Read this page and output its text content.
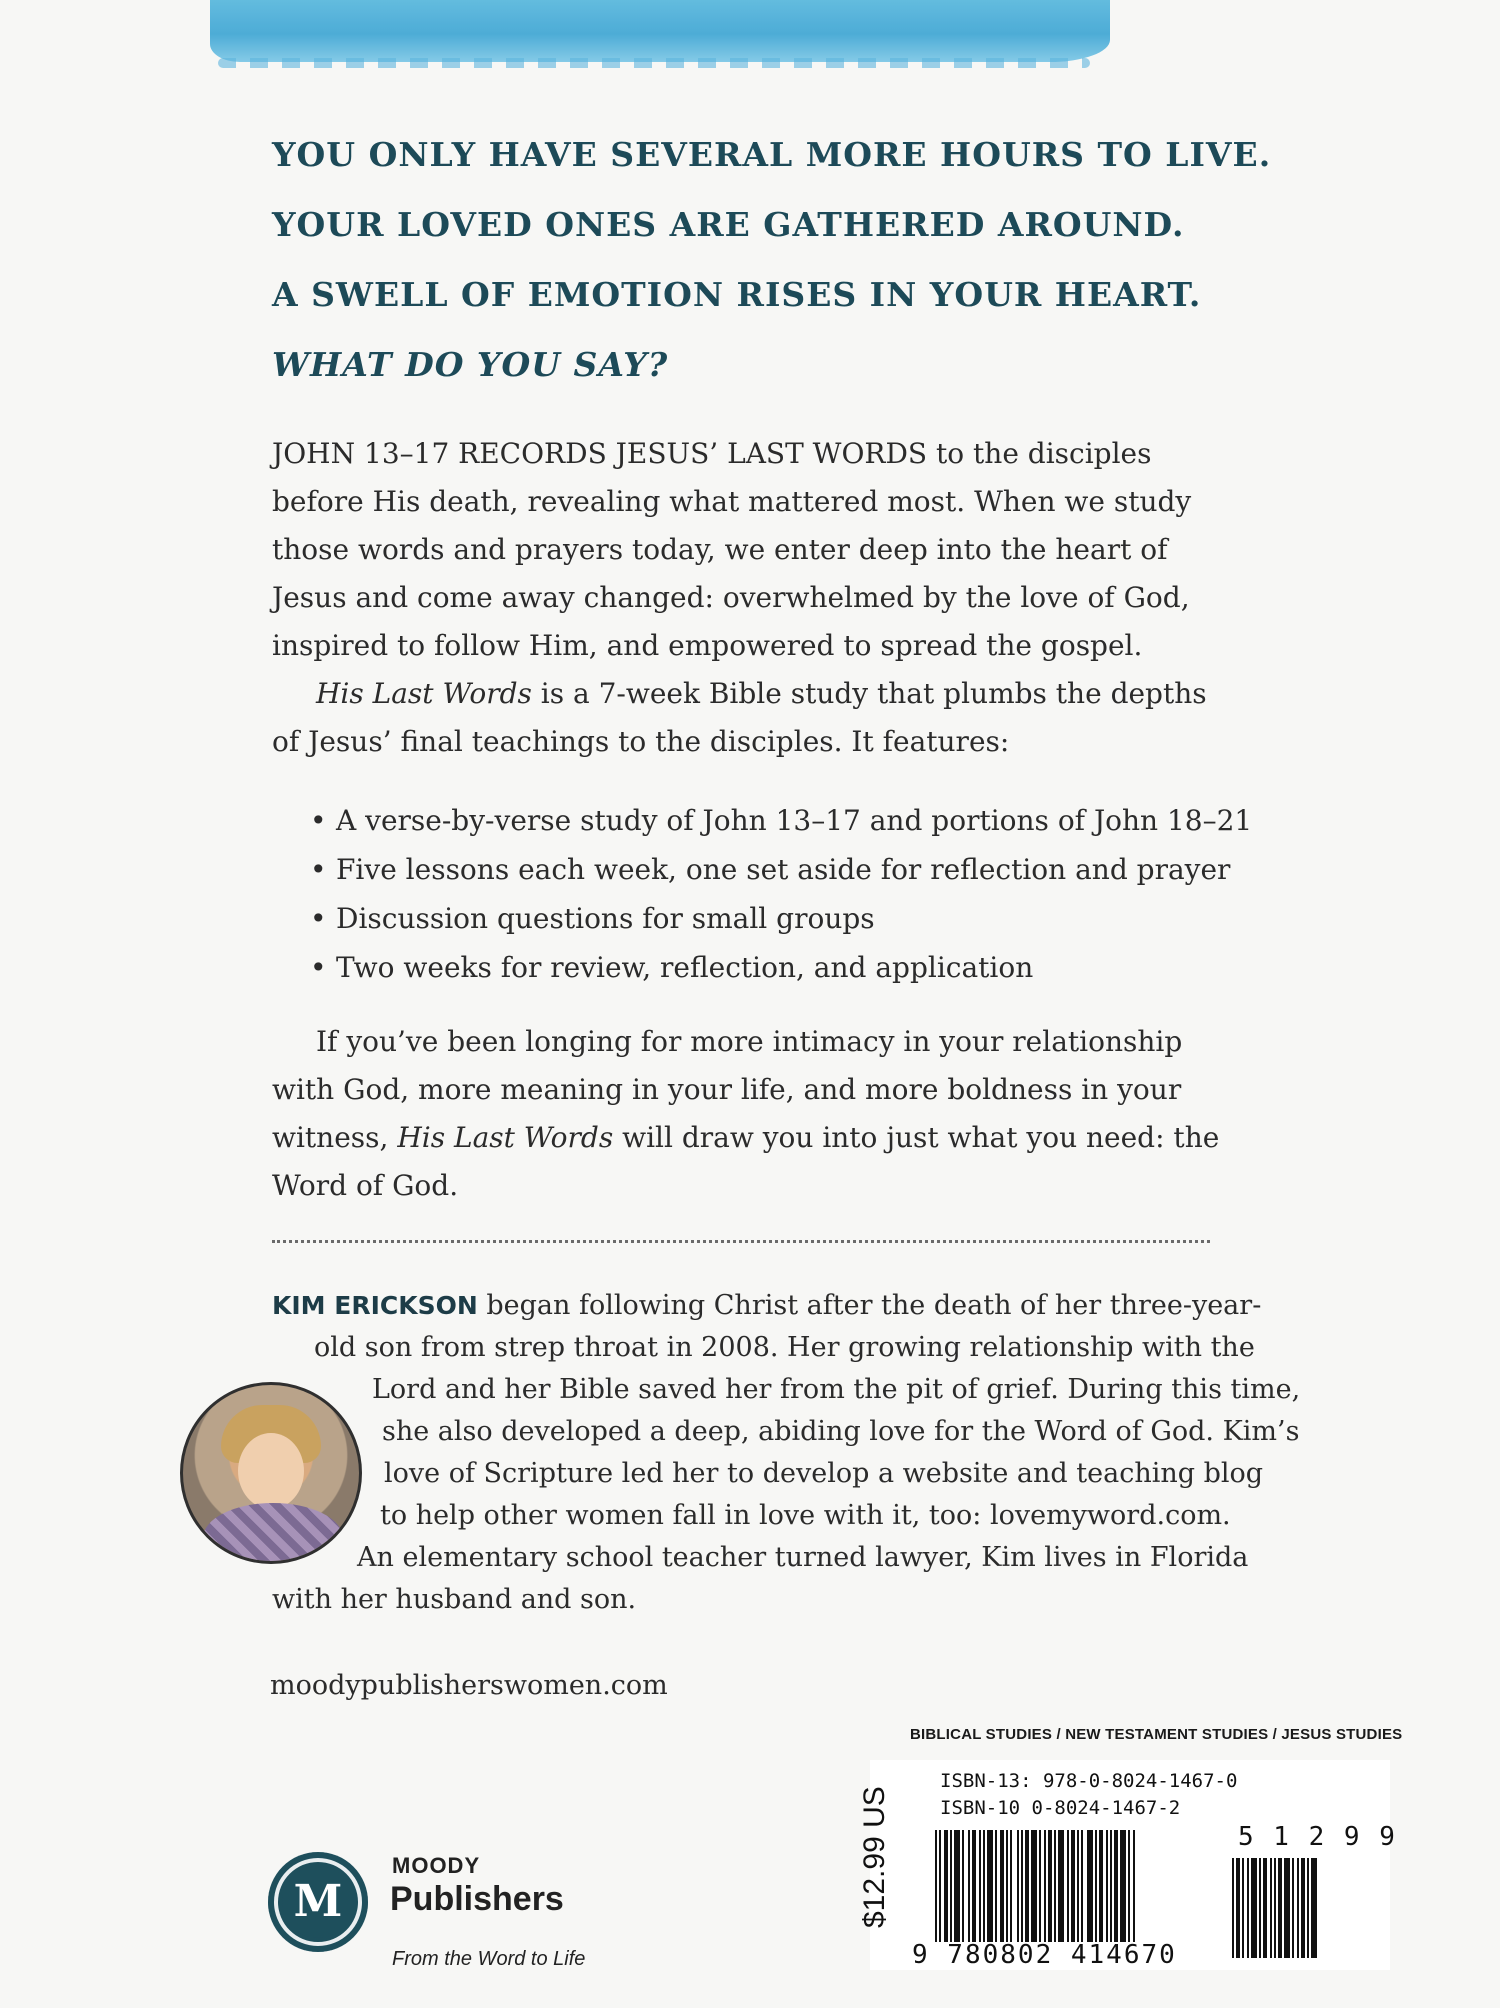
YOU ONLY HAVE SEVERAL MORE HOURS TO LIVE.
YOUR LOVED ONES ARE GATHERED AROUND.
A SWELL OF EMOTION RISES IN YOUR HEART.
WHAT DO YOU SAY?

JOHN 13–17 RECORDS JESUS’ LAST WORDS to the disciples before His death, revealing what mattered most. When we study those words and prayers today, we enter deep into the heart of Jesus and come away changed: overwhelmed by the love of God, inspired to follow Him, and empowered to spread the gospel.

His Last Words is a 7-week Bible study that plumbs the depths of Jesus’ final teachings to the disciples. It features:

• A verse-by-verse study of John 13–17 and portions of John 18–21
• Five lessons each week, one set aside for reflection and prayer
• Discussion questions for small groups
• Two weeks for review, reflection, and application

If you’ve been longing for more intimacy in your relationship with God, more meaning in your life, and more boldness in your witness, His Last Words will draw you into just what you need: the Word of God.

KIM ERICKSON began following Christ after the death of her three-year-
old son from strep throat in 2008. Her growing relationship with the
Lord and her Bible saved her from the pit of grief. During this time,
she also developed a deep, abiding love for the Word of God. Kim’s
love of Scripture led her to develop a website and teaching blog
to help other women fall in love with it, too: lovemyword.com.
An elementary school teacher turned lawyer, Kim lives in Florida
with her husband and son.
moodypublisherswomen.com
BIBLICAL STUDIES / NEW TESTAMENT STUDIES / JESUS STUDIES
ISBN-13: 978-0-8024-1467-0
ISBN-10 0-8024-1467-2
$12.99 US
9 780802 414670
5 1 2 9 9
M
MOODY
Publishers
From the Word to Life
